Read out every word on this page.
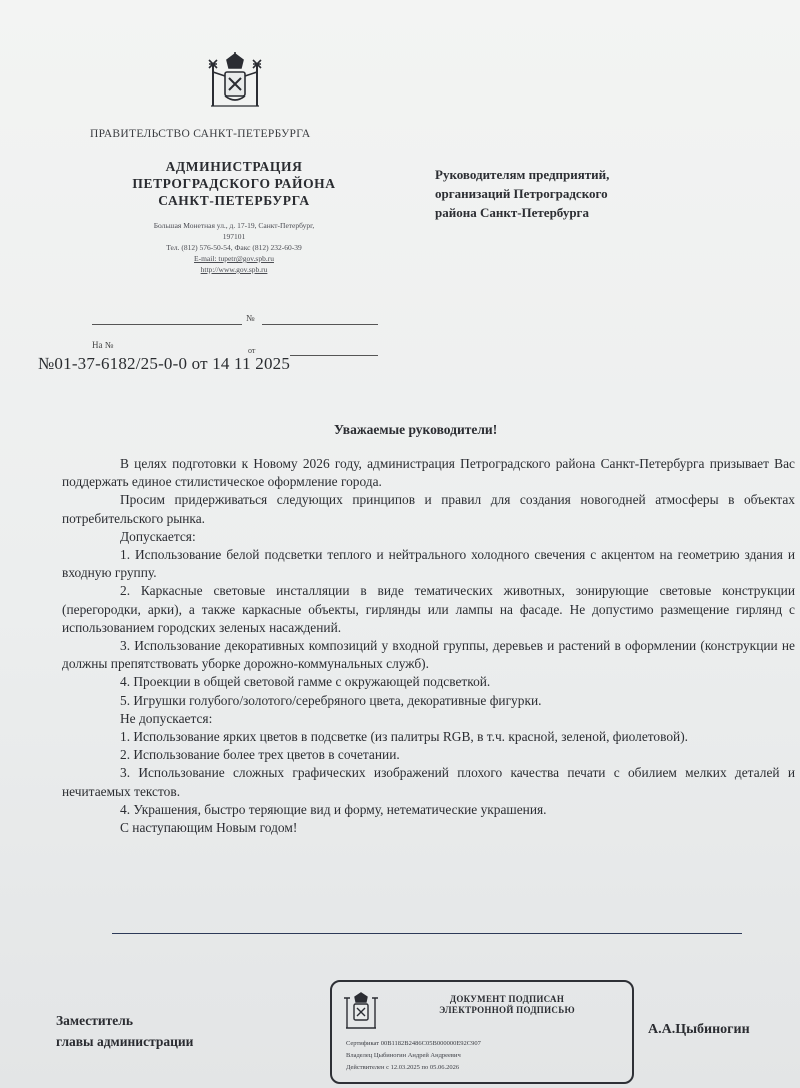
ПРАВИТЕЛЬСТВО САНКТ-ПЕТЕРБУРГА
АДМИНИСТРАЦИЯ
ПЕТРОГРАДСКОГО РАЙОНА
САНКТ-ПЕТЕРБУРГА
Большая Монетная ул., д. 17-19, Санкт-Петербург,
197101
Тел. (812) 576-50-54, Факс (812) 232-60-39
E-mail: tupetr@gov.spb.ru
http://www.gov.spb.ru
Руководителям предприятий,
организаций Петроградского
района Санкт-Петербурга
№
На №
от
№01-37-6182/25-0-0 от 14 11 2025
Уважаемые руководители!

В целях подготовки к Новому 2026 году, администрация Петроградского района Санкт-Петербурга призывает Вас поддержать единое стилистическое оформление города.

Просим придерживаться следующих принципов и правил для создания новогодней атмосферы в объектах потребительского рынка.

Допускается:

1. Использование белой подсветки теплого и нейтрального холодного свечения с акцентом на геометрию здания и входную группу.

2. Каркасные световые инсталляции в виде тематических животных, зонирующие световые конструкции (перегородки, арки), а также каркасные объекты, гирлянды или лампы на фасаде. Не допустимо размещение гирлянд с использованием городских зеленых насаждений.

3. Использование декоративных композиций у входной группы, деревьев и растений в оформлении (конструкции не должны препятствовать уборке дорожно-коммунальных служб).

4. Проекции в общей световой гамме с окружающей подсветкой.

5. Игрушки голубого/золотого/серебряного цвета, декоративные фигурки.

Не допускается:

1. Использование ярких цветов в подсветке (из палитры RGB, в т.ч. красной, зеленой, фиолетовой).

2. Использование более трех цветов в сочетании.

3. Использование сложных графических изображений плохого качества печати с обилием мелких деталей и нечитаемых текстов.

4. Украшения, быстро теряющие вид и форму, нетематические украшения.

С наступающим Новым годом!

Заместитель
главы администрации
ДОКУМЕНТ ПОДПИСАН
ЭЛЕКТРОННОЙ ПОДПИСЬЮ
Сертификат 00B1182B2486C05B000000E92C907
Владелец Цыбиногин Андрей Андреевич
Действителен с 12.03.2025 по 05.06.2026
А.А.Цыбиногин
